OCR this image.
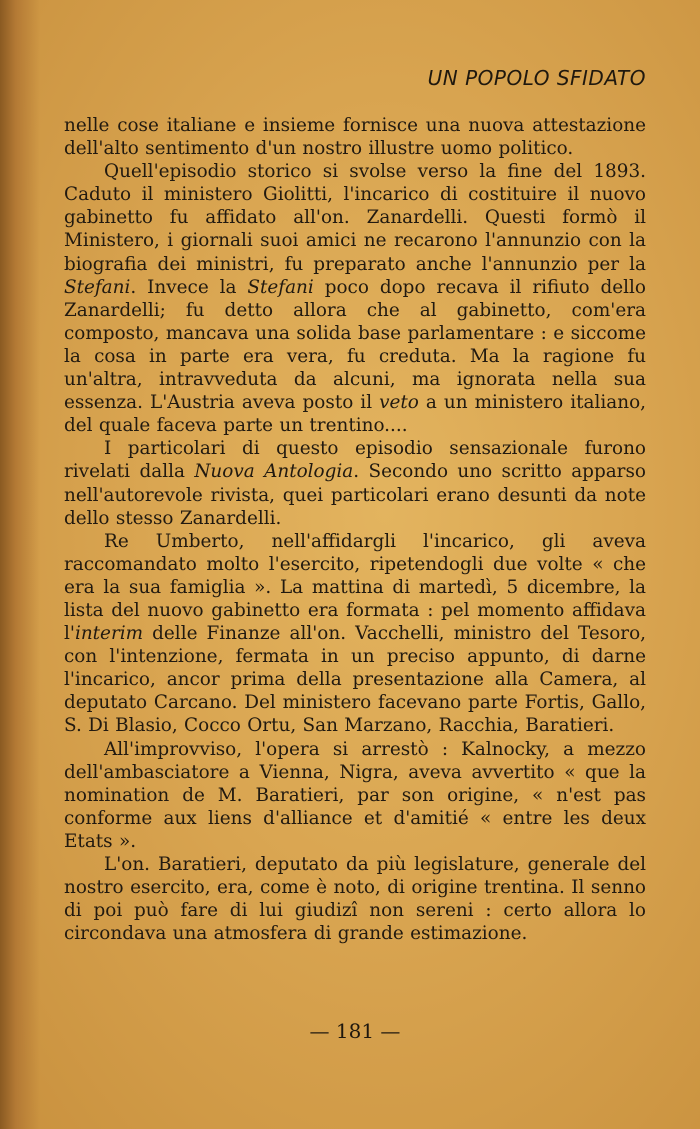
UN POPOLO SFIDATO

nelle cose italiane e insieme fornisce una nuova attestazione dell'alto sentimento d'un nostro illustre uomo politico.

Quell'episodio storico si svolse verso la fine del 1893. Caduto il ministero Giolitti, l'incarico di costituire il nuovo gabinetto fu affidato all'on. Zanardelli. Questi formò il Ministero, i giornali suoi amici ne recarono l'annunzio con la biografia dei ministri, fu preparato anche l'annunzio per la Stefani. Invece la Stefani poco dopo recava il rifiuto dello Zanardelli; fu detto allora che al gabinetto, com'era composto, mancava una solida base parlamentare : e siccome la cosa in parte era vera, fu creduta. Ma la ragione fu un'altra, intravveduta da alcuni, ma ignorata nella sua essenza. L'Austria aveva posto il veto a un ministero italiano, del quale faceva parte un trentino....

I particolari di questo episodio sensazionale furono rivelati dalla Nuova Antologia. Secondo uno scritto apparso nell'autorevole rivista, quei particolari erano desunti da note dello stesso Zanardelli.

Re Umberto, nell'affidargli l'incarico, gli aveva raccomandato molto l'esercito, ripetendogli due volte « che era la sua famiglia ». La mattina di martedì, 5 dicembre, la lista del nuovo gabinetto era formata : pel momento affidava l'interim delle Finanze all'on. Vacchelli, ministro del Tesoro, con l'intenzione, fermata in un preciso appunto, di darne l'incarico, ancor prima della presentazione alla Camera, al deputato Carcano. Del ministero facevano parte Fortis, Gallo, S. Di Blasio, Cocco Ortu, San Marzano, Racchia, Baratieri.

All'improvviso, l'opera si arrestò : Kalnocky, a mezzo dell'ambasciatore a Vienna, Nigra, aveva avvertito « que la nomination de M. Baratieri, par son origine, « n'est pas conforme aux liens d'alliance et d'amitié « entre les deux Etats ».

L'on. Baratieri, deputato da più legislature, generale del nostro esercito, era, come è noto, di origine trentina. Il senno di poi può fare di lui giudizî non sereni : certo allora lo circondava una atmosfera di grande estimazione.

— 181 —
